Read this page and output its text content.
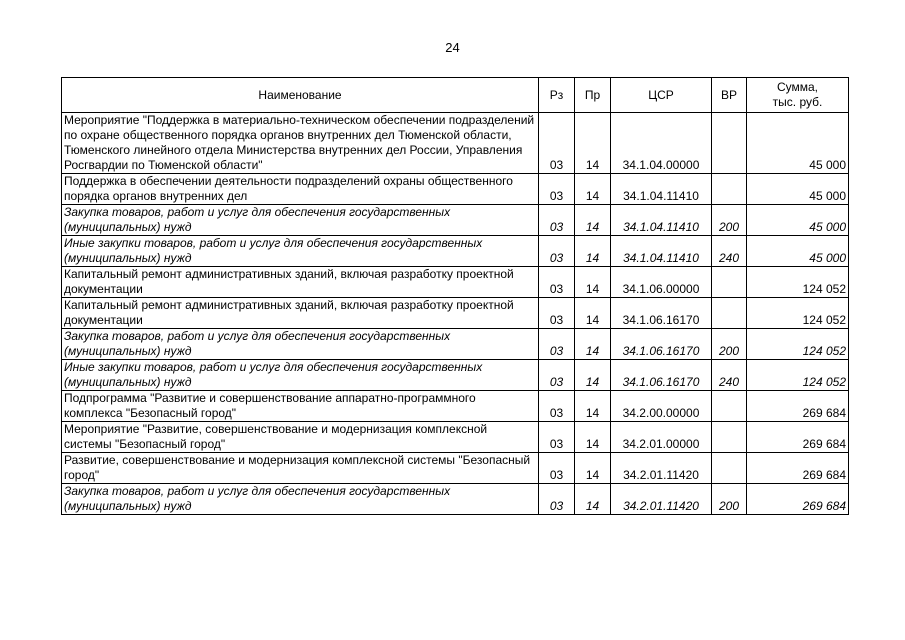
24
Наименование	Рз	Пр	ЦСР	ВР	Сумма,
тыс. руб.
Мероприятие "Поддержка в материально-техническом обеспечении подразделений по охране общественного порядка органов внутренних дел Тюменской области, Тюменского линейного отдела Министерства внутренних дел России, Управления Росгвардии по Тюменской области"	03	14	34.1.04.00000		45 000
Поддержка в обеспечении деятельности подразделений охраны общественного порядка органов внутренних дел	03	14	34.1.04.11410		45 000
Закупка товаров, работ и услуг для обеспечения государственных (муниципальных) нужд	03	14	34.1.04.11410	200	45 000
Иные закупки товаров, работ и услуг для обеспечения государственных (муниципальных) нужд	03	14	34.1.04.11410	240	45 000
Капитальный ремонт административных зданий, включая разработку проектной документации	03	14	34.1.06.00000		124 052
Капитальный ремонт административных зданий, включая разработку проектной документации	03	14	34.1.06.16170		124 052
Закупка товаров, работ и услуг для обеспечения государственных (муниципальных) нужд	03	14	34.1.06.16170	200	124 052
Иные закупки товаров, работ и услуг для обеспечения государственных (муниципальных) нужд	03	14	34.1.06.16170	240	124 052
Подпрограмма "Развитие и совершенствование аппаратно-программного комплекса "Безопасный город"	03	14	34.2.00.00000		269 684
Мероприятие "Развитие, совершенствование и модернизация комплексной системы "Безопасный город"	03	14	34.2.01.00000		269 684
Развитие, совершенствование и модернизация комплексной системы "Безопасный город"	03	14	34.2.01.11420		269 684
Закупка товаров, работ и услуг для обеспечения государственных (муниципальных) нужд	03	14	34.2.01.11420	200	269 684
